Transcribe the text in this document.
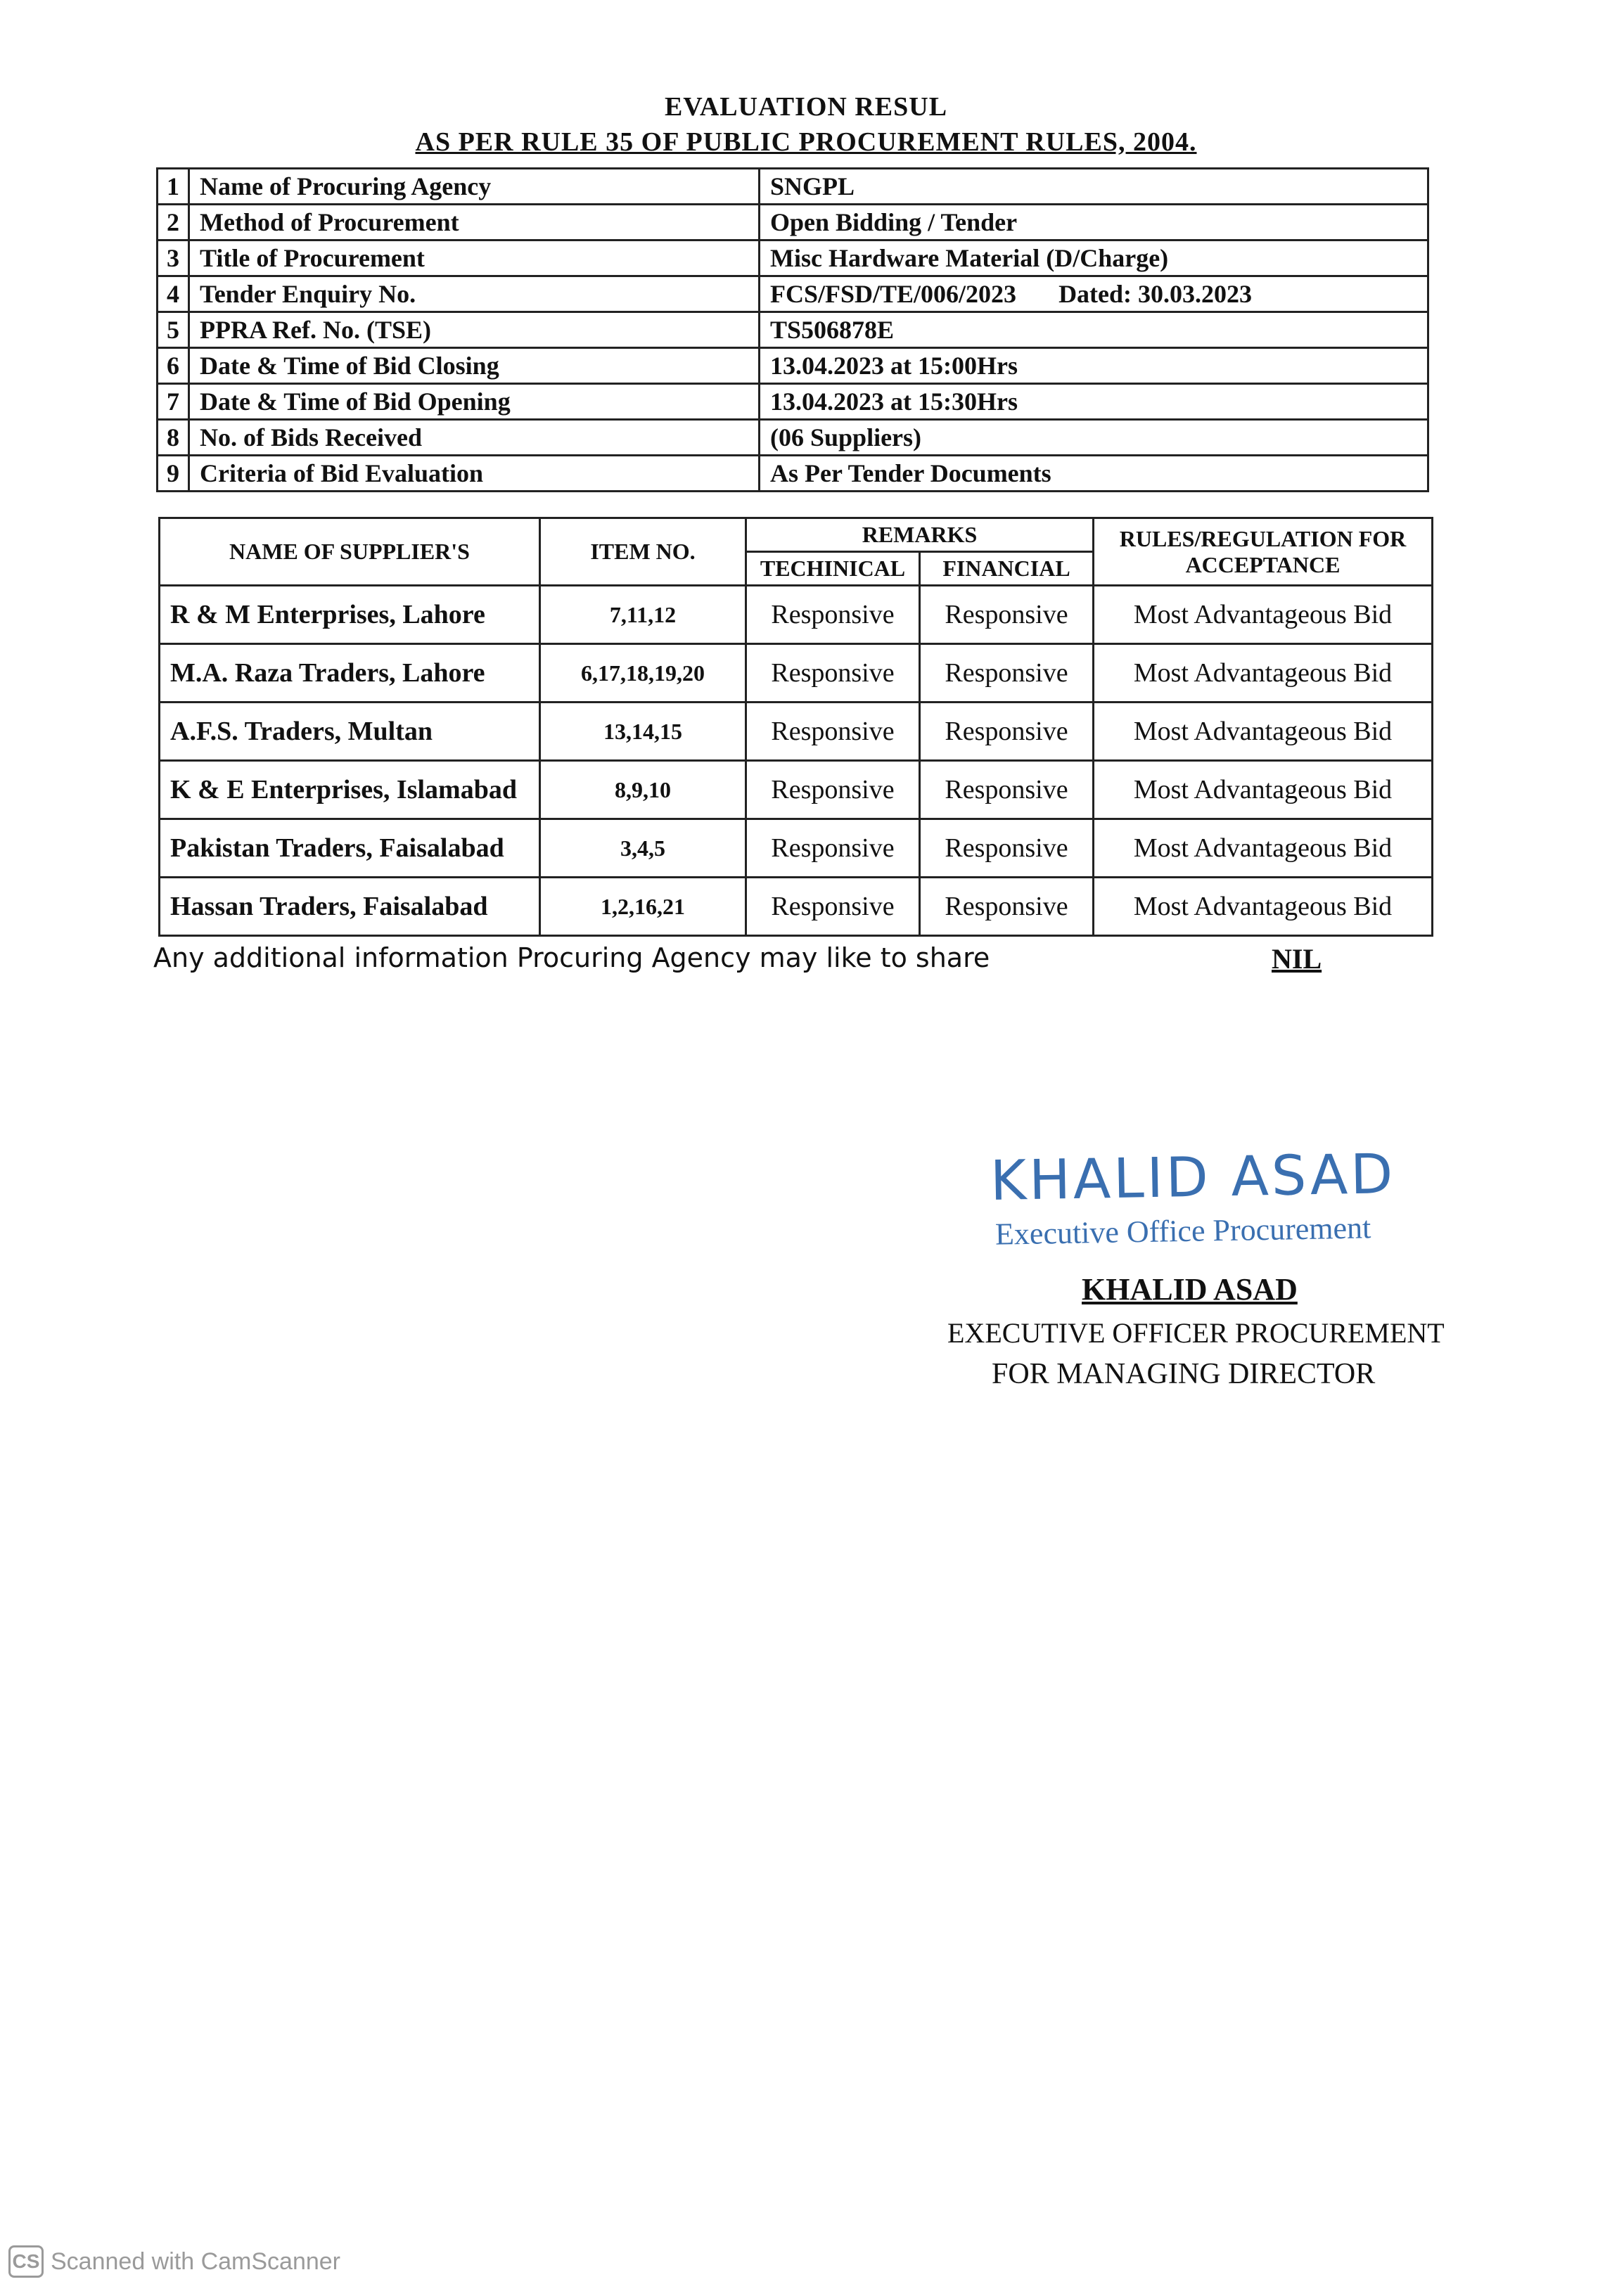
EVALUATION RESUL
AS PER RULE 35 OF PUBLIC PROCUREMENT RULES, 2004.
1	Name of Procuring Agency	SNGPL
2	Method of Procurement	Open Bidding / Tender
3	Title of Procurement	Misc Hardware Material (D/Charge)
4	Tender Enquiry No.	FCS/FSD/TE/006/2023 Dated: 30.03.2023
5	PPRA Ref. No. (TSE)	TS506878E
6	Date & Time of Bid Closing	13.04.2023 at 15:00Hrs
7	Date & Time of Bid Opening	13.04.2023 at 15:30Hrs
8	No. of Bids Received	(06 Suppliers)
9	Criteria of Bid Evaluation	As Per Tender Documents
NAME OF SUPPLIER'S	ITEM NO.	REMARKS		RULES/REGULATION FOR ACCEPTANCE
		TECHINICAL	FINANCIAL	
R & M Enterprises, Lahore	7,11,12	Responsive	Responsive	Most Advantageous Bid
M.A. Raza Traders, Lahore	6,17,18,19,20	Responsive	Responsive	Most Advantageous Bid
A.F.S. Traders, Multan	13,14,15	Responsive	Responsive	Most Advantageous Bid
K & E Enterprises, Islamabad	8,9,10	Responsive	Responsive	Most Advantageous Bid
Pakistan Traders, Faisalabad	3,4,5	Responsive	Responsive	Most Advantageous Bid
Hassan Traders, Faisalabad	1,2,16,21	Responsive	Responsive	Most Advantageous Bid
Any additional information Procuring Agency may like to share	NIL
KHALID ASAD
Executive Office Procurement
KHALID ASAD
EXECUTIVE OFFICER PROCUREMENT
FOR MANAGING DIRECTOR
CS Scanned with CamScanner
